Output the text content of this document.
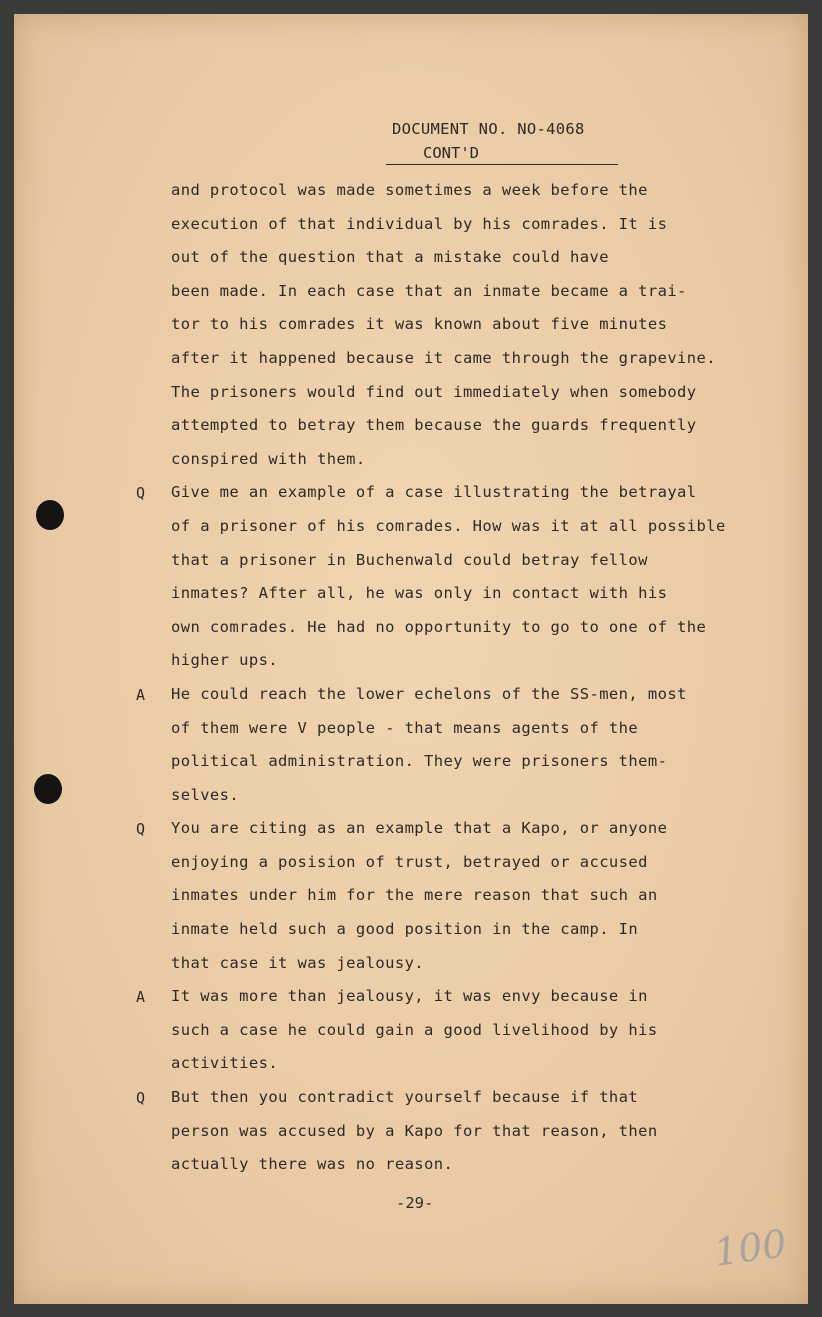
DOCUMENT NO. NO-4068
CONT'D
and protocol was made sometimes a week before the
execution of that individual by his comrades. It is
out of the question that a mistake could have
been made. In each case that an inmate became a trai-
tor to his comrades it was known about five minutes
after it happened because it came through the grapevine.
The prisoners would find out immediately when somebody
attempted to betray them because the guards frequently
conspired with them.
Give me an example of a case illustrating the betrayal
of a prisoner of his comrades. How was it at all possible
that a prisoner in Buchenwald could betray fellow
inmates? After all, he was only in contact with his
own comrades. He had no opportunity to go to one of the
higher ups.
He could reach the lower echelons of the SS-men, most
of them were V people - that means agents of the
political administration. They were prisoners them-
selves.
You are citing as an example that a Kapo, or anyone
enjoying a posision of trust, betrayed or accused
inmates under him for the mere reason that such an
inmate held such a good position in the camp. In
that case it was jealousy.
It was more than jealousy, it was envy because in
such a case he could gain a good livelihood by his
activities.
But then you contradict yourself because if that
person was accused by a Kapo for that reason, then
actually there was no reason.
-29-
100
Q
A
Q
A
Q
